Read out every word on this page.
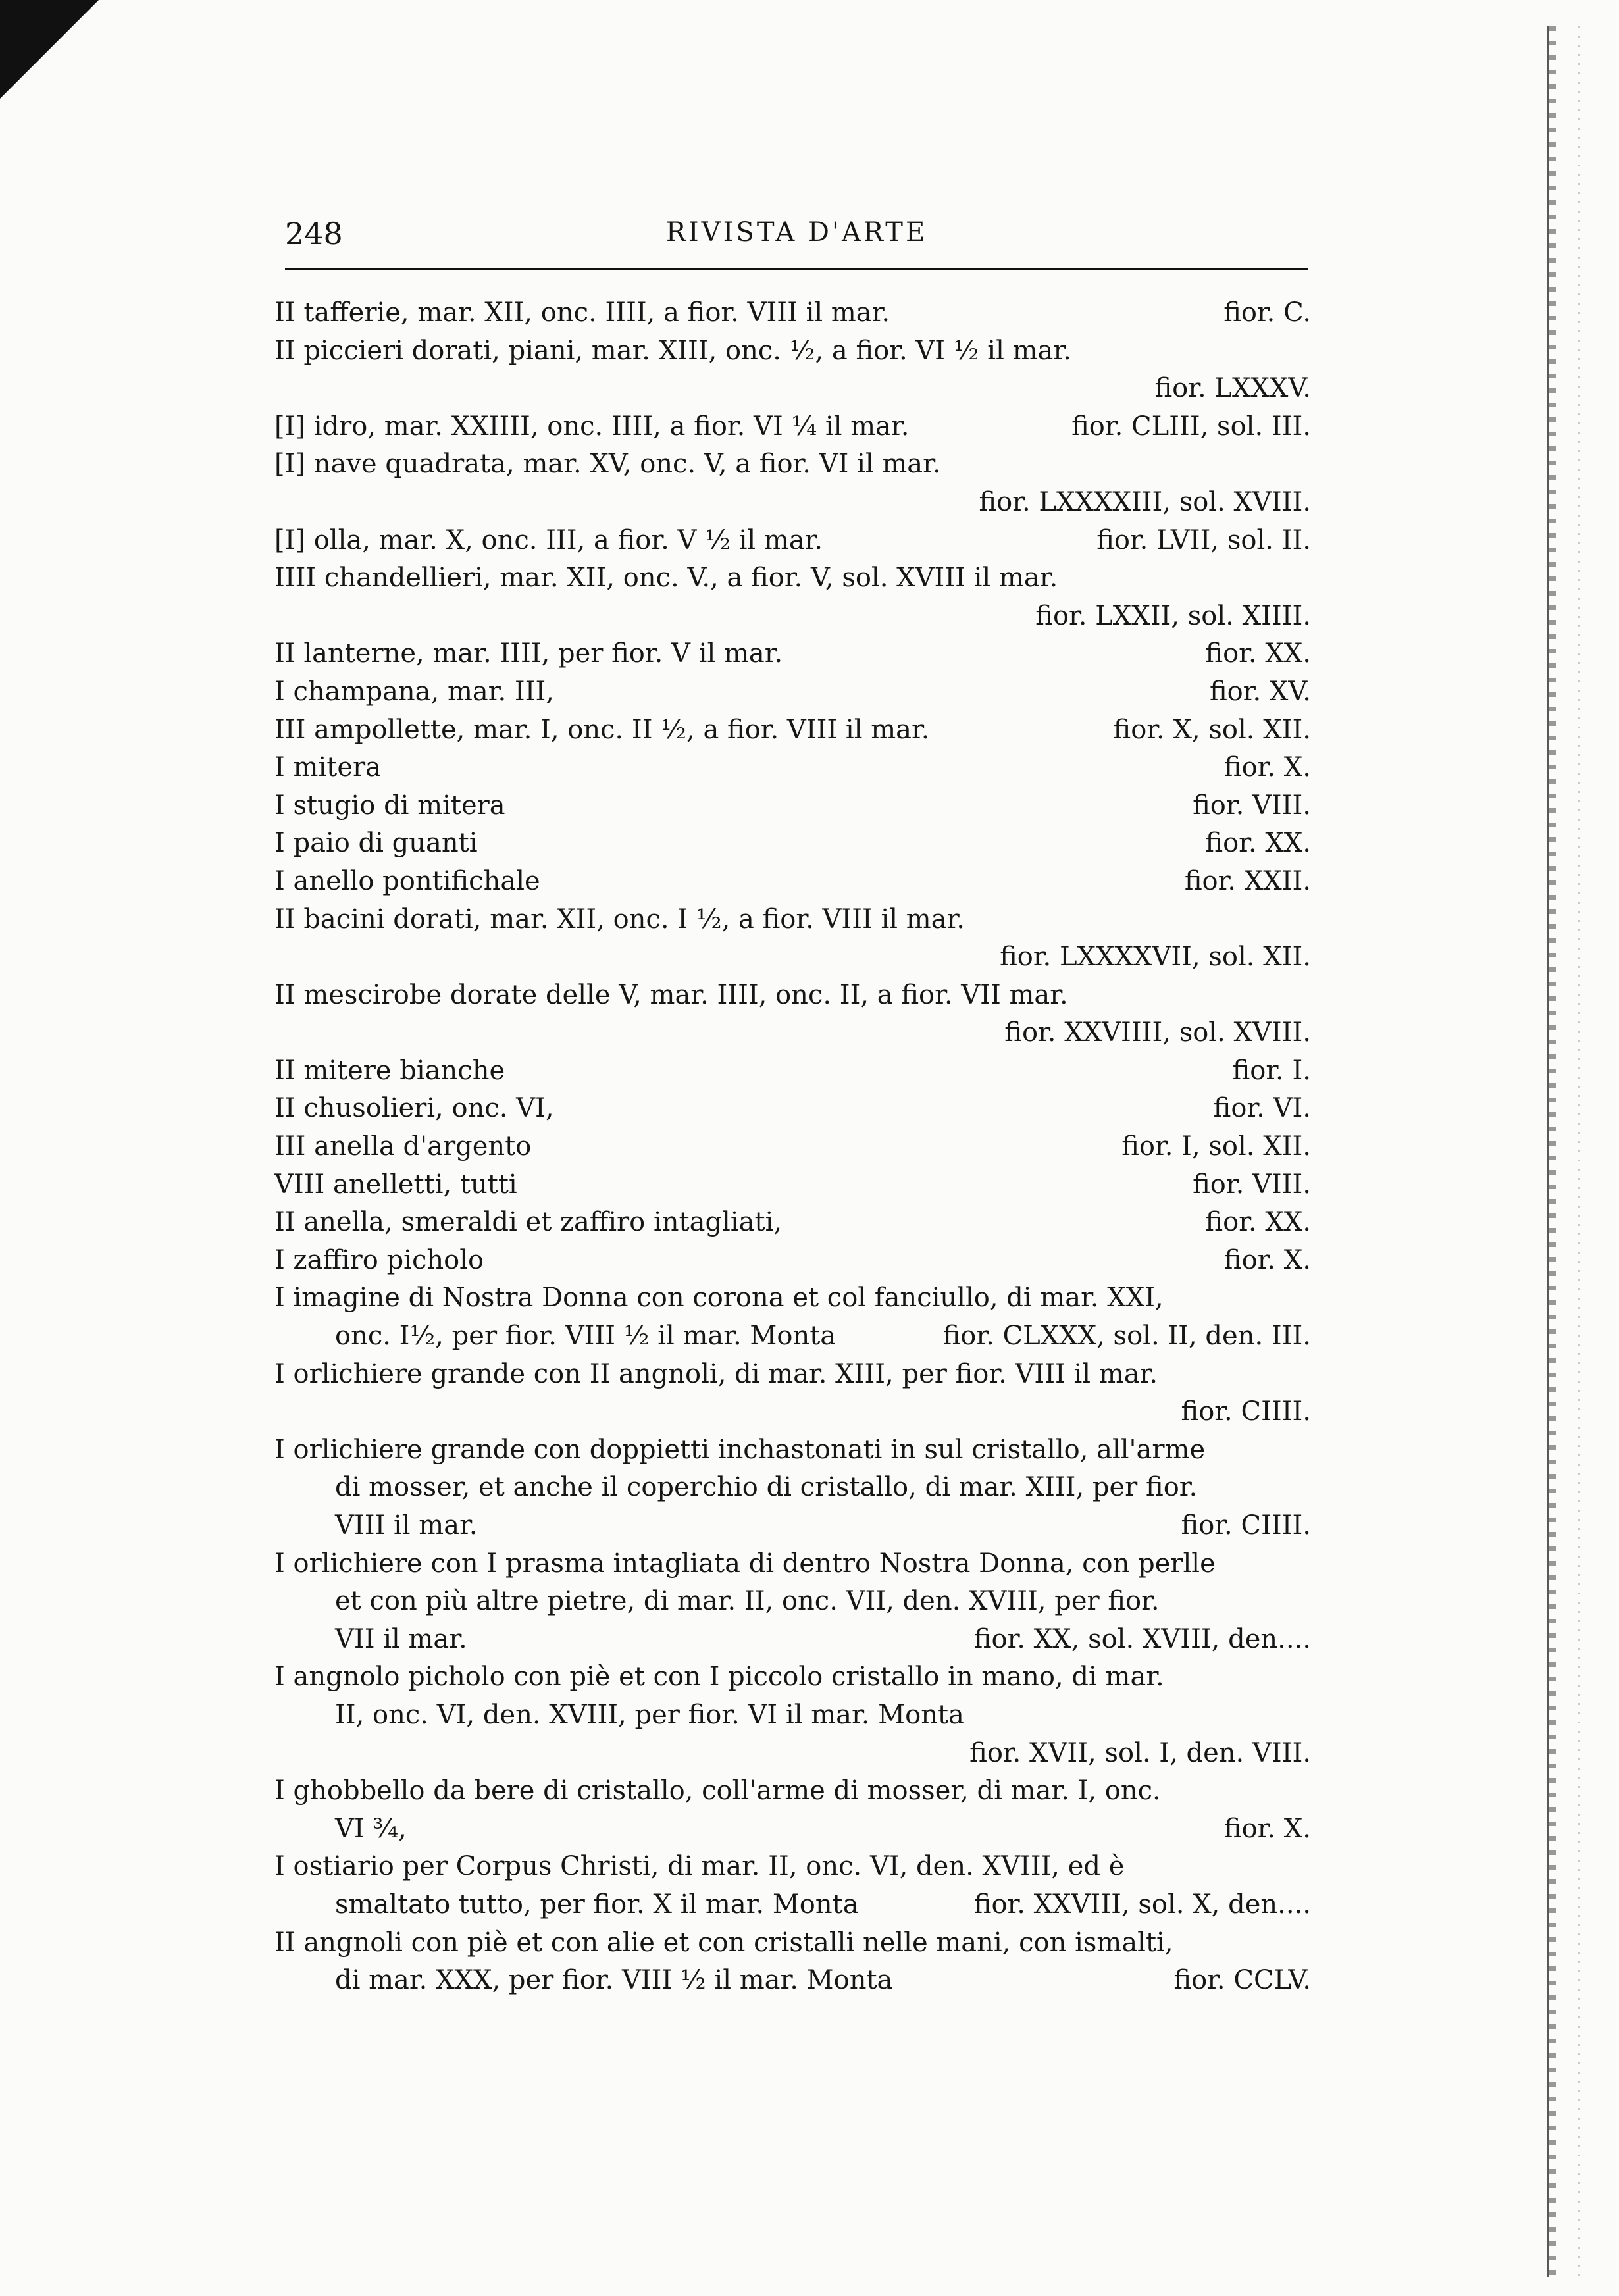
248	RIVISTA D'ARTE
II tafferie, mar. XII, onc. IIII, a fior. VIII il mar.	fior. C.
II piccieri dorati, piani, mar. XIII, onc. ½, a fior. VI ½ il mar.
fior. LXXXV.
[I] idro, mar. XXIIII, onc. IIII, a fior. VI ¼ il mar.	fior. CLIII, sol. III.
[I] nave quadrata, mar. XV, onc. V, a fior. VI il mar.
fior. LXXXXIII, sol. XVIII.
[I] olla, mar. X, onc. III, a fior. V ½ il mar.	fior. LVII, sol. II.
IIII chandellieri, mar. XII, onc. V., a fior. V, sol. XVIII il mar.
fior. LXXII, sol. XIIII.
II lanterne, mar. IIII, per fior. V il mar.	fior. XX.
I champana, mar. III,	fior. XV.
III ampollette, mar. I, onc. II ½, a fior. VIII il mar.	fior. X, sol. XII.
I mitera	fior. X.
I stugio di mitera	fior. VIII.
I paio di guanti	fior. XX.
I anello pontifichale	fior. XXII.
II bacini dorati, mar. XII, onc. I ½, a fior. VIII il mar.
fior. LXXXXVII, sol. XII.
II mescirobe dorate delle V, mar. IIII, onc. II, a fior. VII mar.
fior. XXVIIII, sol. XVIII.
II mitere bianche	fior. I.
II chusolieri, onc. VI,	fior. VI.
III anella d'argento	fior. I, sol. XII.
VIII anelletti, tutti	fior. VIII.
II anella, smeraldi et zaffiro intagliati,	fior. XX.
I zaffiro picholo	fior. X.
I imagine di Nostra Donna con corona et col fanciullo, di mar. XXI,
onc. I½, per fior. VIII ½ il mar. Monta	fior. CLXXX, sol. II, den. III.
I orlichiere grande con II angnoli, di mar. XIII, per fior. VIII il mar.
fior. CIIII.
I orlichiere grande con doppietti inchastonati in sul cristallo, all'arme
di mosser, et anche il coperchio di cristallo, di mar. XIII, per fior.
VIII il mar.	fior. CIIII.
I orlichiere con I prasma intagliata di dentro Nostra Donna, con perlle
et con più altre pietre, di mar. II, onc. VII, den. XVIII, per fior.
VII il mar.	fior. XX, sol. XVIII, den....
I angnolo picholo con piè et con I piccolo cristallo in mano, di mar.
II, onc. VI, den. XVIII, per fior. VI il mar. Monta
fior. XVII, sol. I, den. VIII.
I ghobbello da bere di cristallo, coll'arme di mosser, di mar. I, onc.
VI ¾,	fior. X.
I ostiario per Corpus Christi, di mar. II, onc. VI, den. XVIII, ed è
smaltato tutto, per fior. X il mar. Monta	fior. XXVIII, sol. X, den....
II angnoli con piè et con alie et con cristalli nelle mani, con ismalti,
di mar. XXX, per fior. VIII ½ il mar. Monta	fior. CCLV.
